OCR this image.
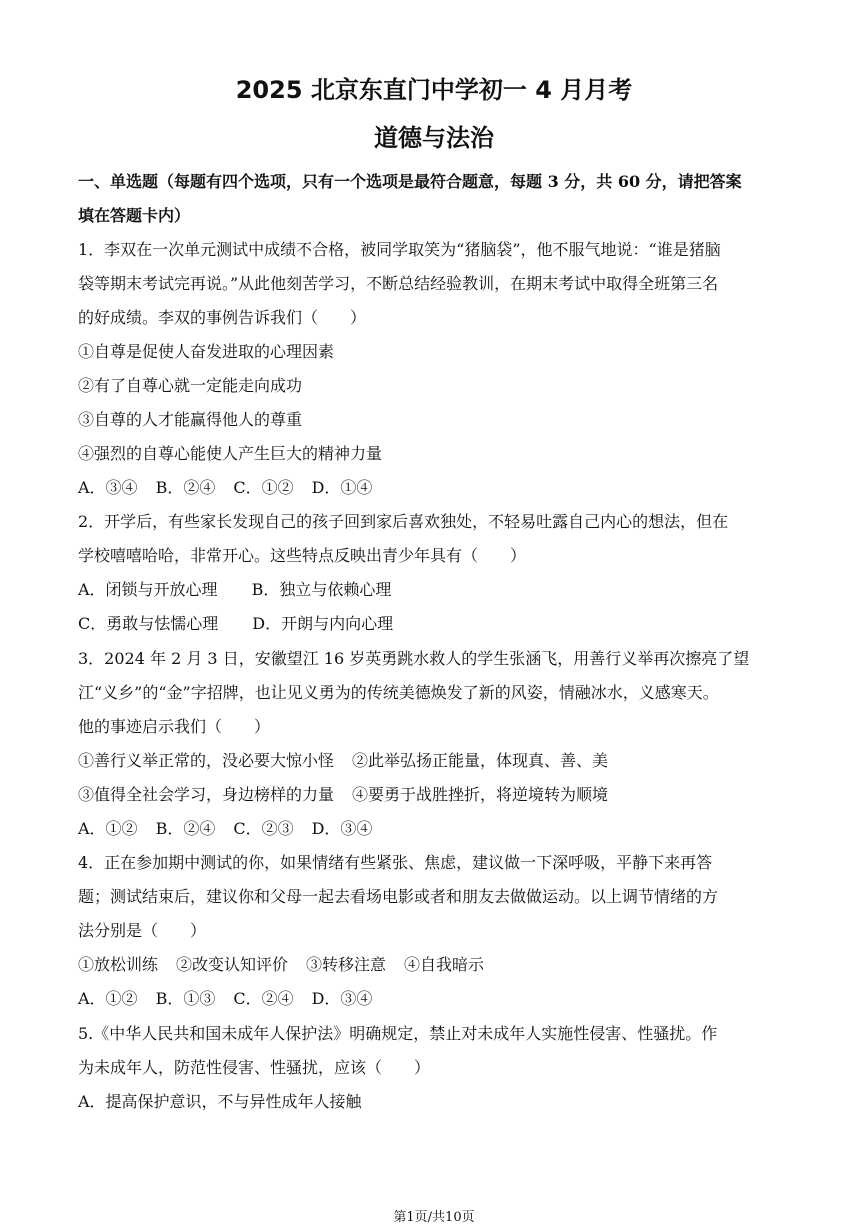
2025 北京东直门中学初一 4 月月考
道德与法治
一、单选题（每题有四个选项，只有一个选项是最符合题意，每题 3 分，共 60 分，请把答案
填在答题卡内）
1．李双在一次单元测试中成绩不合格，被同学取笑为“猪脑袋”，他不服气地说：“谁是猪脑
袋等期末考试完再说。”从此他刻苦学习，不断总结经验教训，在期末考试中取得全班第三名
的好成绩。李双的事例告诉我们（　　）
①自尊是促使人奋发进取的心理因素
②有了自尊心就一定能走向成功
③自尊的人才能赢得他人的尊重
④强烈的自尊心能使人产生巨大的精神力量
A．③④ B．②④ C．①② D．①④
2．开学后，有些家长发现自己的孩子回到家后喜欢独处，不轻易吐露自己内心的想法，但在
学校嘻嘻哈哈，非常开心。这些特点反映出青少年具有（　　）
A．闭锁与开放心理 B．独立与依赖心理
C．勇敢与怯懦心理 D．开朗与内向心理
3．2024 年 2 月 3 日，安徽望江 16 岁英勇跳水救人的学生张涵飞，用善行义举再次擦亮了望
江“义乡”的“金”字招牌，也让见义勇为的传统美德焕发了新的风姿，情融冰水，义感寒天。
他的事迹启示我们（　　）
①善行义举正常的，没必要大惊小怪 ②此举弘扬正能量，体现真、善、美
③值得全社会学习，身边榜样的力量 ④要勇于战胜挫折，将逆境转为顺境
A．①② B．②④ C．②③ D．③④
4．正在参加期中测试的你，如果情绪有些紧张、焦虑，建议做一下深呼吸，平静下来再答
题；测试结束后，建议你和父母一起去看场电影或者和朋友去做做运动。以上调节情绪的方
法分别是（　　）
①放松训练 ②改变认知评价 ③转移注意 ④自我暗示
A．①② B．①③ C．②④ D．③④
5.《中华人民共和国未成年人保护法》明确规定，禁止对未成年人实施性侵害、性骚扰。作
为未成年人，防范性侵害、性骚扰，应该（　　）
A．提高保护意识，不与异性成年人接触
第1页/共10页
